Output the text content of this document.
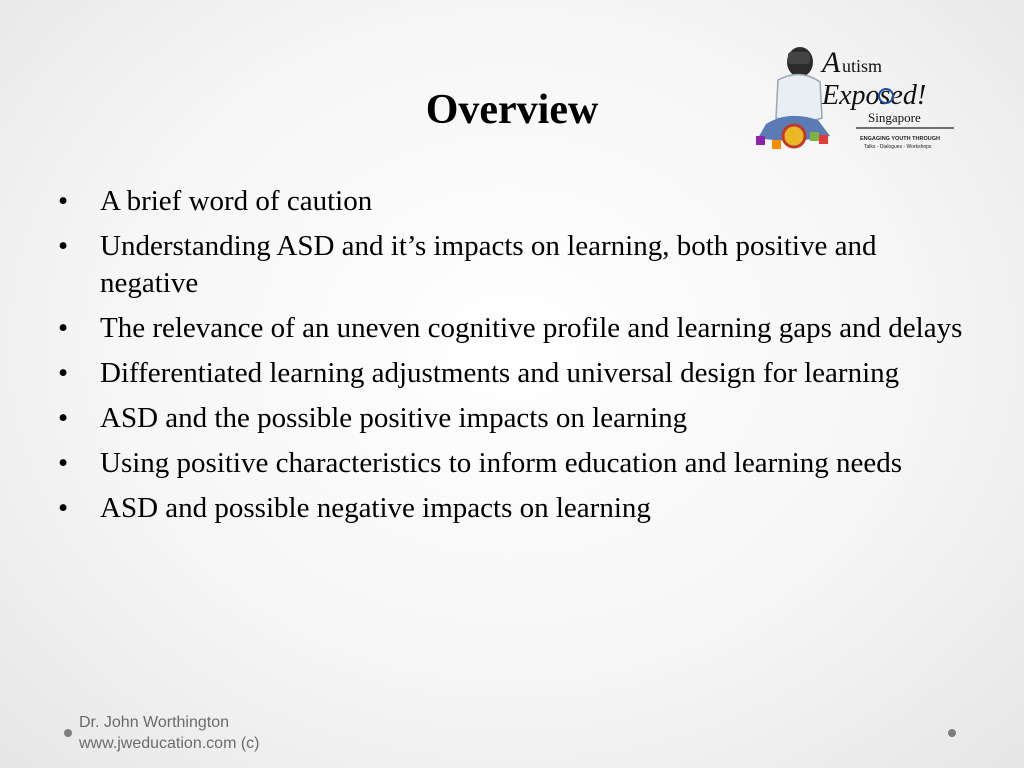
Overview
A utism
Exposed!
Singapore
ENGAGING YOUTH THROUGH
Talks - Dialogues - Workshops
•	A brief word of caution
•	Understanding ASD and it’s impacts on learning, both positive and negative
•	The relevance of an uneven cognitive profile and learning gaps and delays
•	Differentiated learning adjustments and universal design for learning
•	ASD and the possible positive impacts on learning
•	Using positive characteristics to inform education and learning needs
•	ASD and possible negative impacts on learning
Dr. John Worthington
www.jweducation.com (c)
